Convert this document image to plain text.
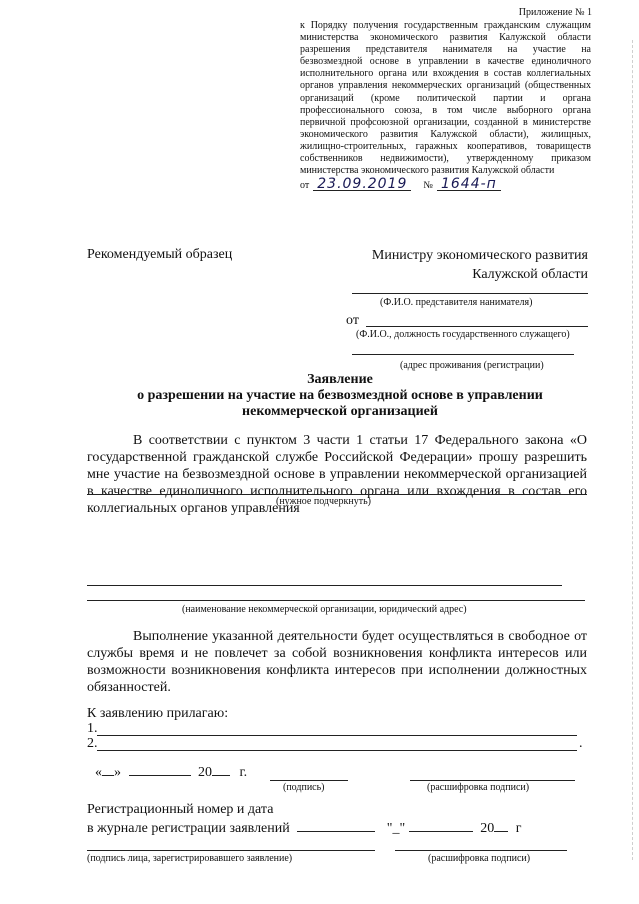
Приложение № 1
к Порядку получения государственным гражданским служащим министерства экономического развития Калужской области разрешения представителя нанимателя на участие на безвозмездной основе в управлении в качестве единоличного исполнительного органа или вхождения в состав коллегиальных органов управления некоммерческих организаций (общественных организаций (кроме политической партии и органа профессионального союза, в том числе выборного органа первичной профсоюзной организации, созданной в министерстве экономического развития Калужской области), жилищных, жилищно-строительных, гаражных кооперативов, товариществ собственников недвижимости), утвержденному приказом министерства экономического развития Калужской области
от 23.09.2019	№ 1644-п
Рекомендуемый образец	Министру экономического развития
Калужской области
(Ф.И.О. представителя нанимателя)
от
(Ф.И.О., должность государственного служащего)
(адрес проживания (регистрации)
Заявление
о разрешении на участие на безвозмездной основе в управлении
некоммерческой организацией
В соответствии с пунктом 3 части 1 статьи 17 Федерального закона «О государственной гражданской службе Российской Федерации» прошу разрешить мне участие на безвозмездной основе в управлении некоммерческой организацией в качестве единоличного исполнительного органа или вхождения в состав его коллегиальных органов управления
(нужное подчеркнуть)
(наименование некоммерческой организации, юридический адрес)
Выполнение указанной деятельности будет осуществляться в свободное от службы время и не повлечет за собой возникновения конфликта интересов или возможности возникновения конфликта интересов при исполнении должностных обязанностей.
К заявлению прилагаю:
1.
2.	.
« »	20 г.
(подпись)	(расшифровка подписи)
Регистрационный номер и дата
в журнале регистрации заявлений	"_"	20 г
(подпись лица, зарегистрировавшего заявление)	(расшифровка подписи)
